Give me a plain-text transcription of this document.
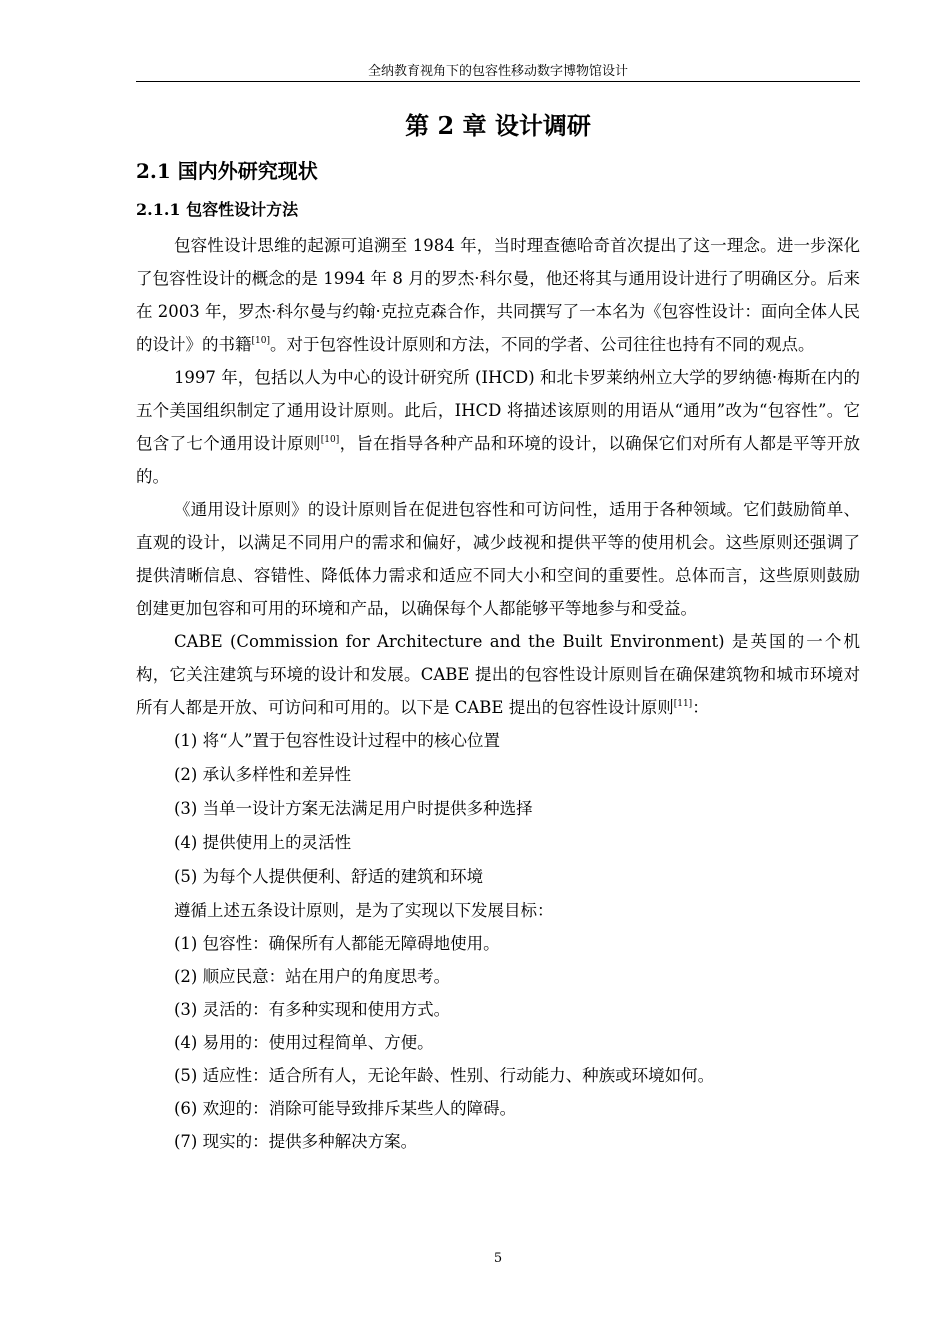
全纳教育视角下的包容性移动数字博物馆设计
第 2 章 设计调研
2.1 国内外研究现状
2.1.1 包容性设计方法

包容性设计思维的起源可追溯至 1984 年，当时理查德哈奇首次提出了这一理念。进一步深化了包容性设计的概念的是 1994 年 8 月的罗杰·科尔曼，他还将其与通用设计进行了明确区分。后来在 2003 年，罗杰·科尔曼与约翰·克拉克森合作，共同撰写了一本名为《包容性设计：面向全体人民的设计》的书籍[10]。对于包容性设计原则和方法，不同的学者、公司往往也持有不同的观点。

1997 年，包括以人为中心的设计研究所 (IHCD) 和北卡罗莱纳州立大学的罗纳德·梅斯在内的五个美国组织制定了通用设计原则。此后，IHCD 将描述该原则的用语从“通用”改为“包容性”。它包含了七个通用设计原则[10]，旨在指导各种产品和环境的设计，以确保它们对所有人都是平等开放的。

《通用设计原则》的设计原则旨在促进包容性和可访问性，适用于各种领域。它们鼓励简单、直观的设计，以满足不同用户的需求和偏好，减少歧视和提供平等的使用机会。这些原则还强调了提供清晰信息、容错性、降低体力需求和适应不同大小和空间的重要性。总体而言，这些原则鼓励创建更加包容和可用的环境和产品，以确保每个人都能够平等地参与和受益。

CABE (Commission for Architecture and the Built Environment) 是英国的一个机构，它关注建筑与环境的设计和发展。CABE 提出的包容性设计原则旨在确保建筑物和城市环境对所有人都是开放、可访问和可用的。以下是 CABE 提出的包容性设计原则[11]：

(1) 将“人”置于包容性设计过程中的核心位置

(2) 承认多样性和差异性

(3) 当单一设计方案无法满足用户时提供多种选择

(4) 提供使用上的灵活性

(5) 为每个人提供便利、舒适的建筑和环境

遵循上述五条设计原则，是为了实现以下发展目标：

(1) 包容性：确保所有人都能无障碍地使用。

(2) 顺应民意：站在用户的角度思考。

(3) 灵活的：有多种实现和使用方式。

(4) 易用的：使用过程简单、方便。

(5) 适应性：适合所有人，无论年龄、性别、行动能力、种族或环境如何。

(6) 欢迎的：消除可能导致排斥某些人的障碍。

(7) 现实的：提供多种解决方案。

5
